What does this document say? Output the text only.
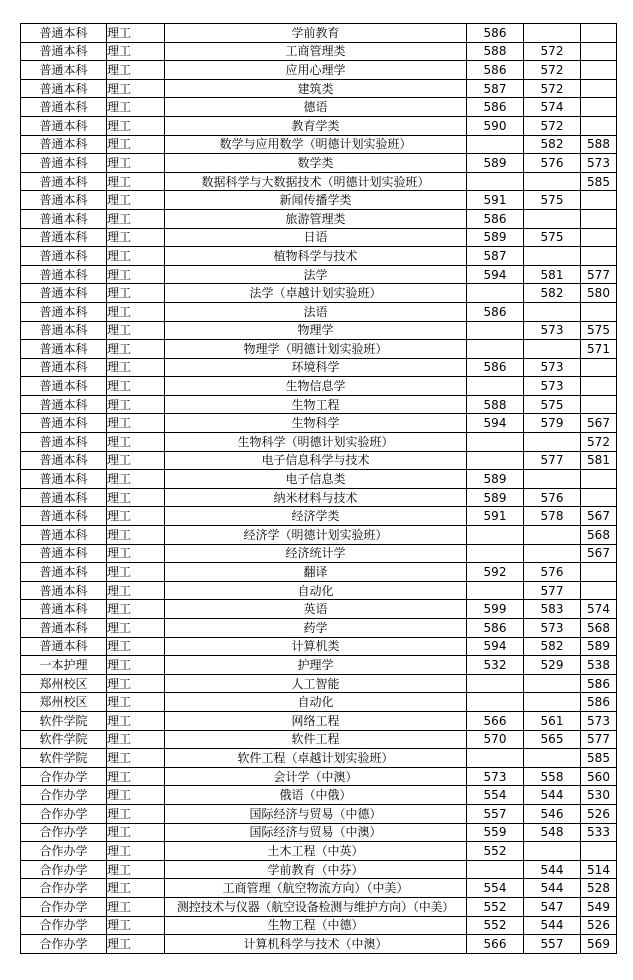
普通本科	理工	学前教育	586		
普通本科	理工	工商管理类	588	572	
普通本科	理工	应用心理学	586	572	
普通本科	理工	建筑类	587	572	
普通本科	理工	德语	586	574	
普通本科	理工	教育学类	590	572	
普通本科	理工	数学与应用数学（明德计划实验班）		582	588
普通本科	理工	数学类	589	576	573
普通本科	理工	数据科学与大数据技术（明德计划实验班）			585
普通本科	理工	新闻传播学类	591	575	
普通本科	理工	旅游管理类	586		
普通本科	理工	日语	589	575	
普通本科	理工	植物科学与技术	587		
普通本科	理工	法学	594	581	577
普通本科	理工	法学（卓越计划实验班）		582	580
普通本科	理工	法语	586		
普通本科	理工	物理学		573	575
普通本科	理工	物理学（明德计划实验班）			571
普通本科	理工	环境科学	586	573	
普通本科	理工	生物信息学		573	
普通本科	理工	生物工程	588	575	
普通本科	理工	生物科学	594	579	567
普通本科	理工	生物科学（明德计划实验班）			572
普通本科	理工	电子信息科学与技术		577	581
普通本科	理工	电子信息类	589		
普通本科	理工	纳米材料与技术	589	576	
普通本科	理工	经济学类	591	578	567
普通本科	理工	经济学（明德计划实验班）			568
普通本科	理工	经济统计学			567
普通本科	理工	翻译	592	576	
普通本科	理工	自动化		577	
普通本科	理工	英语	599	583	574
普通本科	理工	药学	586	573	568
普通本科	理工	计算机类	594	582	589
一本护理	理工	护理学	532	529	538
郑州校区	理工	人工智能			586
郑州校区	理工	自动化			586
软件学院	理工	网络工程	566	561	573
软件学院	理工	软件工程	570	565	577
软件学院	理工	软件工程（卓越计划实验班）			585
合作办学	理工	会计学（中澳）	573	558	560
合作办学	理工	俄语（中俄）	554	544	530
合作办学	理工	国际经济与贸易（中德）	557	546	526
合作办学	理工	国际经济与贸易（中澳）	559	548	533
合作办学	理工	土木工程（中英）	552		
合作办学	理工	学前教育（中芬）		544	514
合作办学	理工	工商管理（航空物流方向）（中美）	554	544	528
合作办学	理工	测控技术与仪器（航空设备检测与维护方向）（中美）	552	547	549
合作办学	理工	生物工程（中德）	552	544	526
合作办学	理工	计算机科学与技术（中澳）	566	557	569
